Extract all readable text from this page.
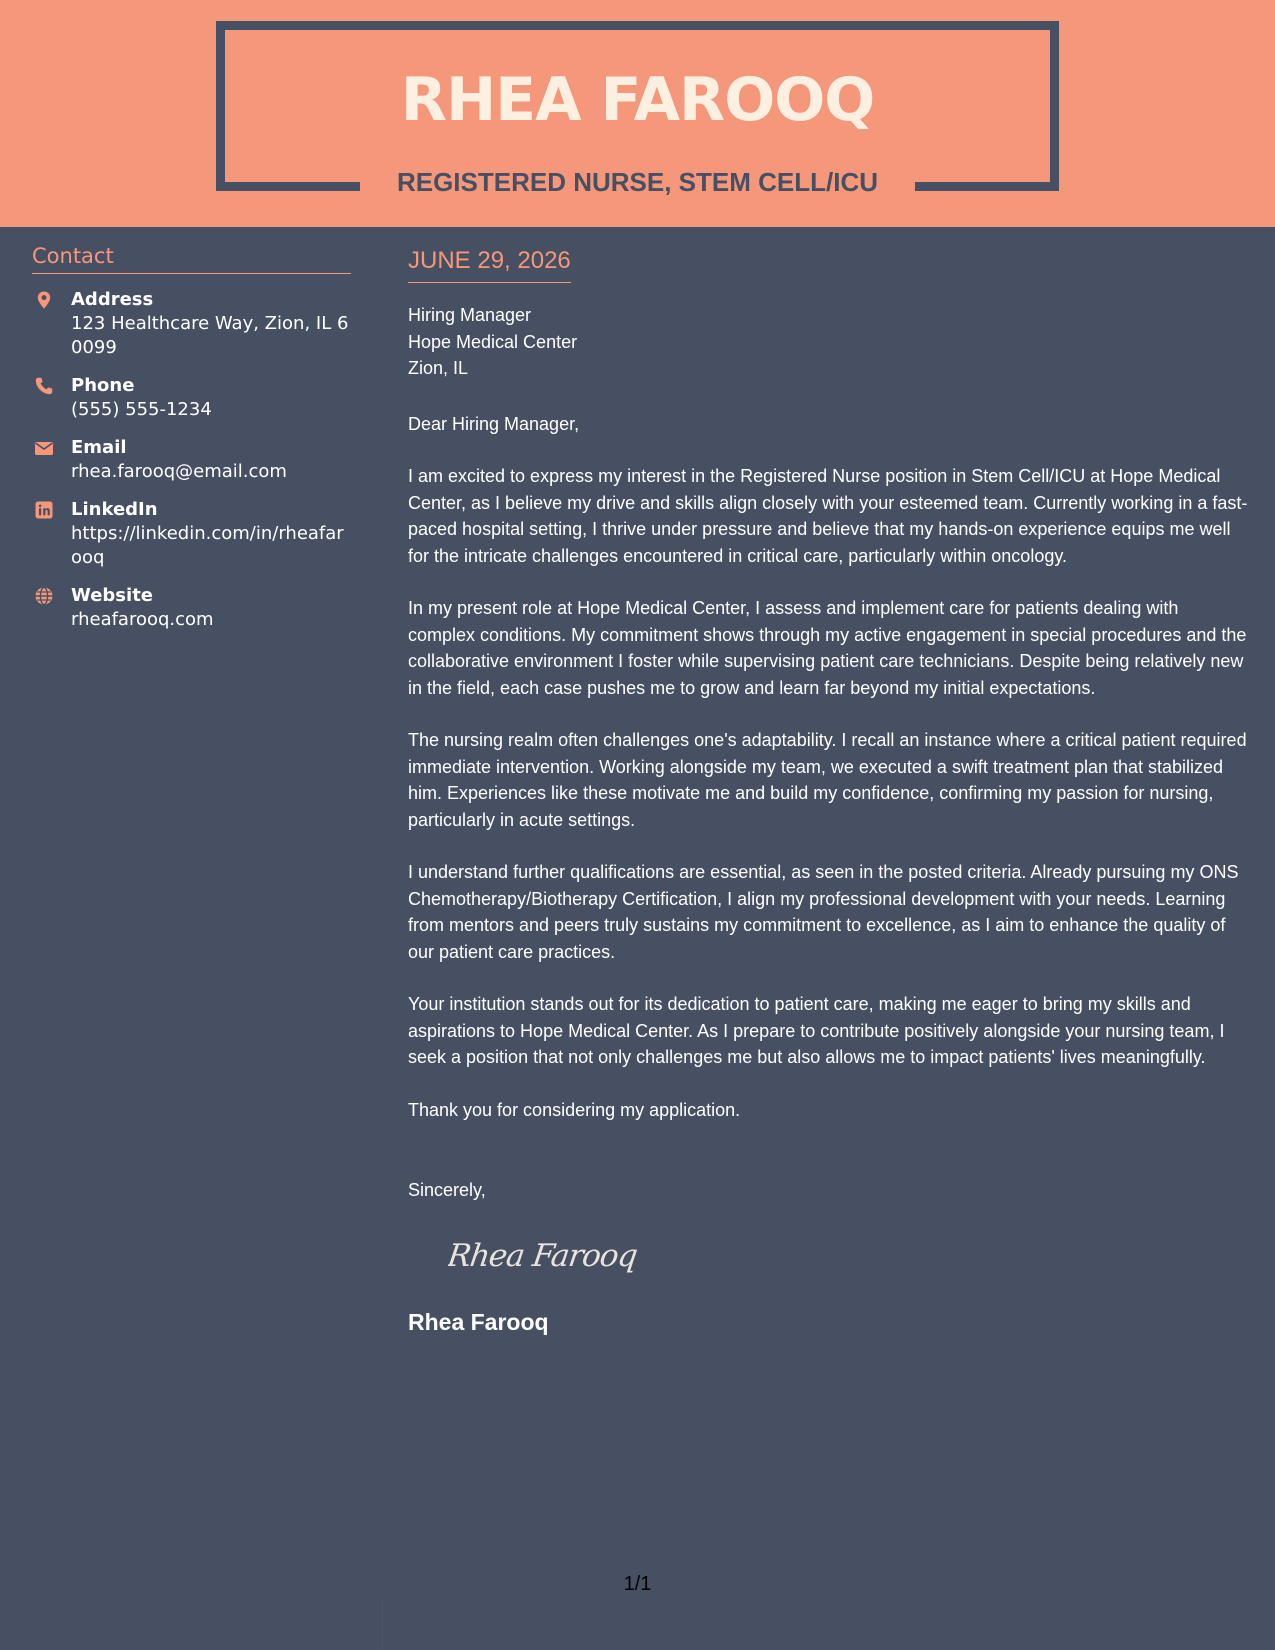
RHEA FAROOQ
REGISTERED NURSE, STEM CELL/ICU
Contact
Address
123 Healthcare Way, Zion, IL 60099
Phone
(555) 555-1234
Email
rhea.farooq@email.com
LinkedIn
https://linkedin.com/in/rheafarooq
Website
rheafarooq.com
JUNE 29, 2026
Hiring Manager
Hope Medical Center
Zion, IL
Dear Hiring Manager,
I am excited to express my interest in the Registered Nurse position in Stem Cell/ICU at Hope Medical Center, as I believe my drive and skills align closely with your esteemed team. Currently working in a fast-paced hospital setting, I thrive under pressure and believe that my hands-on experience equips me well for the intricate challenges encountered in critical care, particularly within oncology.
In my present role at Hope Medical Center, I assess and implement care for patients dealing with complex conditions. My commitment shows through my active engagement in special procedures and the collaborative environment I foster while supervising patient care technicians. Despite being relatively new in the field, each case pushes me to grow and learn far beyond my initial expectations.
The nursing realm often challenges one's adaptability. I recall an instance where a critical patient required immediate intervention. Working alongside my team, we executed a swift treatment plan that stabilized him. Experiences like these motivate me and build my confidence, confirming my passion for nursing, particularly in acute settings.
I understand further qualifications are essential, as seen in the posted criteria. Already pursuing my ONS Chemotherapy/Biotherapy Certification, I align my professional development with your needs. Learning from mentors and peers truly sustains my commitment to excellence, as I aim to enhance the quality of our patient care practices.
Your institution stands out for its dedication to patient care, making me eager to bring my skills and aspirations to Hope Medical Center. As I prepare to contribute positively alongside your nursing team, I seek a position that not only challenges me but also allows me to impact patients' lives meaningfully.
Thank you for considering my application.
Sincerely,
Rhea Farooq
Rhea Farooq
1/1
